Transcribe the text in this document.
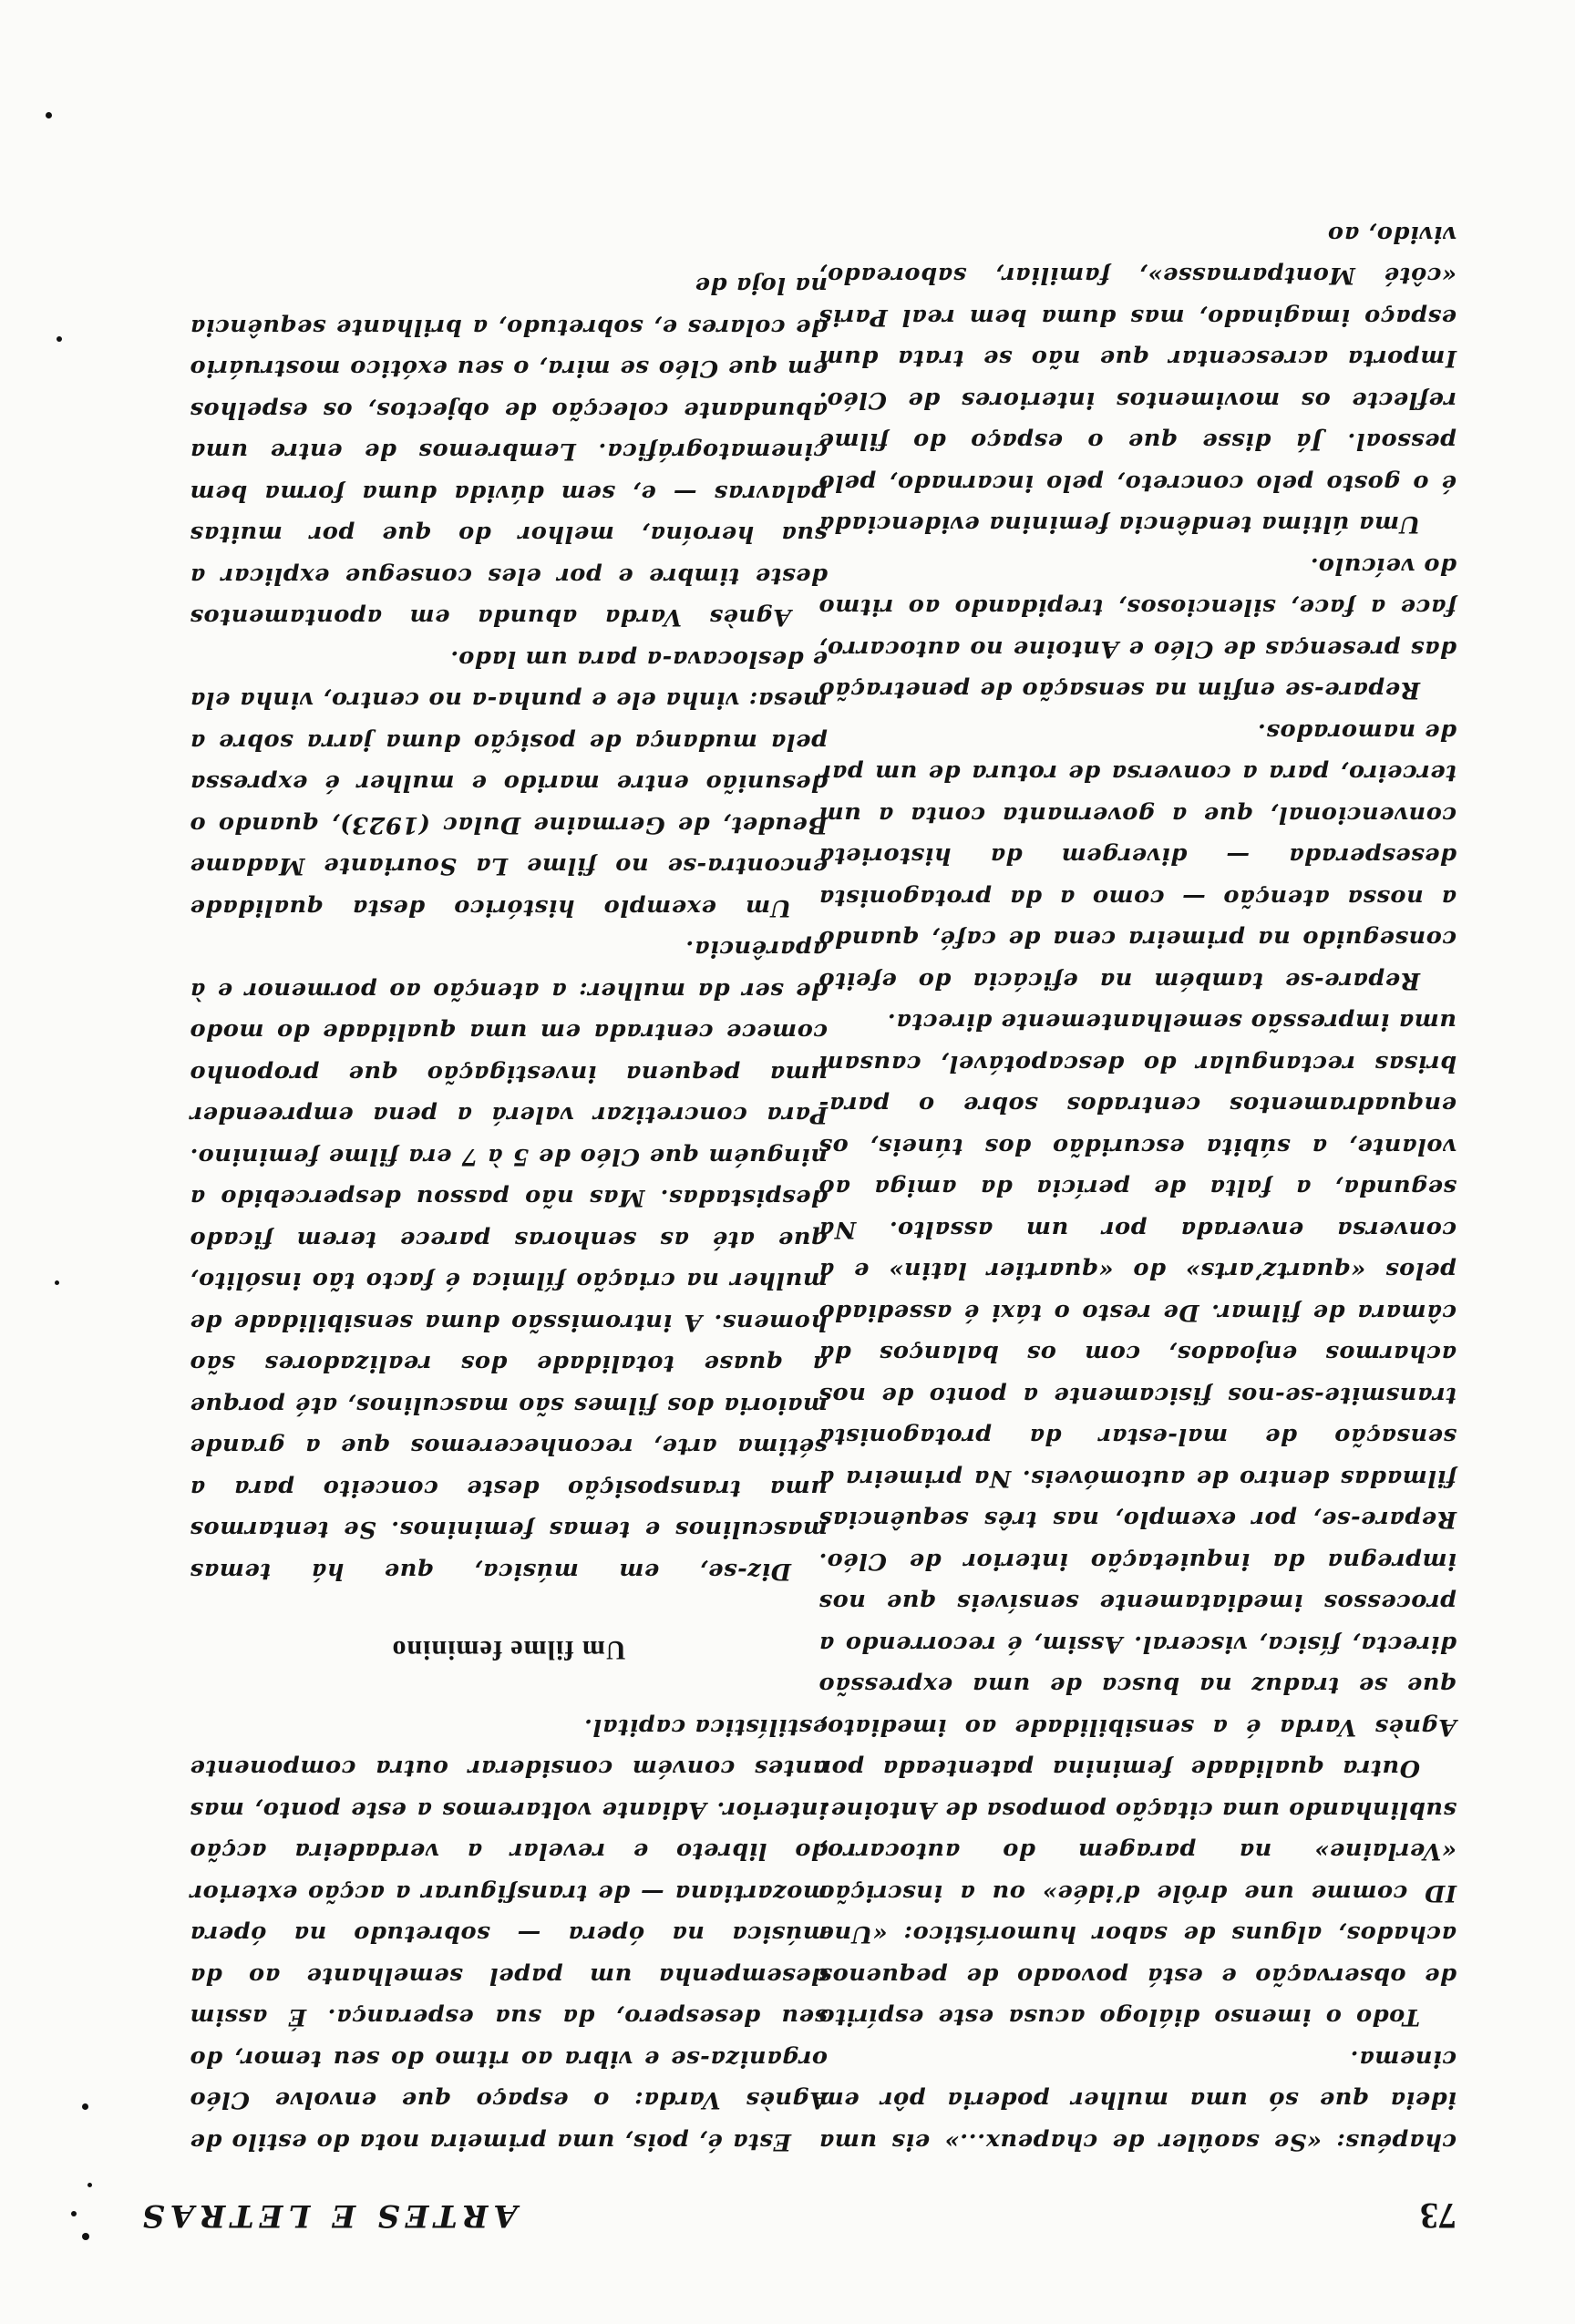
73
ARTES E LETRAS

chapéus: «Se saoûler de chapeux...» eis uma ideia que só uma mulher poderia pôr em cinema.

Todo o imenso diálogo acusa este espírito de observação e está povoado de pequenos achados, alguns de sabor humorístico: «Une ID comme une drôle d’idée» ou a inscrição «Verlaine» na paragem do autocarro, sublinhando uma citação pomposa de Antoine.

Outra qualidade feminina patenteada por Agnès Varda é a sensibilidade ao imediato, que se traduz na busca de uma expressão directa, física, visceral. Assim, é recorrendo a processos imediatamente sensíveis que nos impregna da inquietação interior de Cléo. Repare-se, por exemplo, nas três sequências filmadas dentro de automóveis. Na primeira a sensação de mal-estar da protagonista transmite-se-nos fisicamente a ponto de nos acharmos enjoados, com os balanços da câmara de filmar. De resto o táxi é assediado pelos «quartz’arts» do «quartier latin» e a conversa enverada por um assalto. Na segunda, a falta de perícia da amiga ao volante, a súbita escuridão dos túneis, os enquadramentos centrados sobre o para-brisas rectangular do descapotável, causam uma impressão semelhantemente directa.

Repare-se também na eficácia do efeito conseguido na primeira cena de café, quando a nossa atenção — como a da protagonista desesperada — divergem da historieta convencional, que a governanta conta a um terceiro, para a conversa de rotura de um par de namorados.

Repare-se enfim na sensação de penetração das presenças de Cléo e Antoine no autocarro, face a face, silenciosos, trepidando ao ritmo do veículo.

Uma última tendência feminina evidenciada é o gosto pelo concreto, pelo incarnado, pelo pessoal. Já disse que o espaço do filme reflecte os movimentos interiores de Cléo. Importa acrescentar que não se trata dum espaço imaginado, mas duma bem real Paris «côté Montparnasse», familiar, saboreado, vivido, ao

Esta é, pois, uma primeira nota do estilo de Agnès Varda: o espaço que envolve Cléo organiza-se e vibra ao ritmo do seu temor, do seu desespero, da sua esperança. É assim desempenha um papel semelhante ao da música na ópera — sobretudo na ópera mozartiana — de transfigurar a acção exterior do libreto e revelar a verdadeira acção interior. Adiante voltaremos a este ponto, mas antes convém considerar outra componente estilística capital.

Um filme feminino

Diz-se, em música, que há temas masculinos e temas femininos. Se tentarmos uma transposição deste conceito para a sétima arte, reconheceremos que a grande maioria dos filmes são masculinos, até porque a quase totalidade dos realizadores são homens. A intromissão duma sensibilidade de mulher na criação fílmica é facto tão insólito, que até as senhoras parece terem ficado despistadas. Mas não passou despercebido a ninguém que Cléo de 5 à 7 era filme feminino. Para concretizar valerá a pena empreender uma pequena investigação que proponho comece centrada em uma qualidade do modo de ser da mulher: a atenção ao pormenor e à aparência.

Um exemplo histórico desta qualidade encontra-se no filme La Souriante Madame Beudet, de Germaine Dulac (1923), quando o desunião entre marido e mulher é expressa pela mudança de posição duma jarra sobre a mesa: vinha ele e punha-a no centro, vinha ela e deslocava-a para um lado.

Agnès Varda abunda em apontamentos deste timbre e por eles consegue explicar a sua heroína, melhor do que por muitas palavras — e, sem dúvida duma forma bem cinematográfica. Lembremos de entre uma abundante colecção de objectos, os espelhos em que Cléo se mira, o seu exótico mostruário de colares e, sobretudo, a brilhante sequência na loja de
